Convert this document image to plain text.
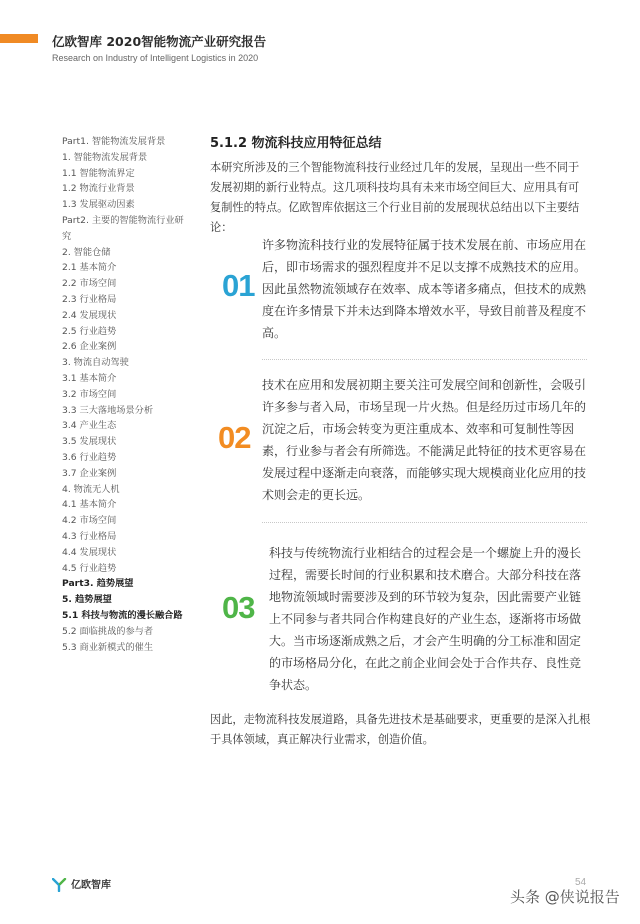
亿欧智库 2020智能物流产业研究报告
Research on Industry of Intelligent Logistics in 2020
Part1. 智能物流发展背景
1. 智能物流发展背景
1.1 智能物流界定
1.2 物流行业背景
1.3 发展驱动因素
Part2. 主要的智能物流行业研究
2. 智能仓储
2.1 基本简介
2.2 市场空间
2.3 行业格局
2.4 发展现状
2.5 行业趋势
2.6 企业案例
3. 物流自动驾驶
3.1 基本简介
3.2 市场空间
3.3 三大落地场景分析
3.4 产业生态
3.5 发展现状
3.6 行业趋势
3.7 企业案例
4. 物流无人机
4.1 基本简介
4.2 市场空间
4.3 行业格局
4.4 发展现状
4.5 行业趋势
Part3. 趋势展望
5. 趋势展望
5.1 科技与物流的漫长融合路
5.2 面临挑战的参与者
5.3 商业新模式的催生
5.1.2 物流科技应用特征总结

本研究所涉及的三个智能物流科技行业经过几年的发展，呈现出一些不同于发展初期的新行业特点。这几项科技均具有未来市场空间巨大、应用具有可复制性的特点。亿欧智库依据这三个行业目前的发展现状总结出以下主要结论：

01

许多物流科技行业的发展特征属于技术发展在前、市场应用在后，即市场需求的强烈程度并不足以支撑不成熟技术的应用。因此虽然物流领域存在效率、成本等诸多痛点，但技术的成熟度在许多情景下并未达到降本增效水平，导致目前普及程度不高。

02

技术在应用和发展初期主要关注可发展空间和创新性，会吸引许多参与者入局，市场呈现一片火热。但是经历过市场几年的沉淀之后，市场会转变为更注重成本、效率和可复制性等因素，行业参与者会有所筛选。不能满足此特征的技术更容易在发展过程中逐渐走向衰落，而能够实现大规模商业化应用的技术则会走的更长远。

03

科技与传统物流行业相结合的过程会是一个螺旋上升的漫长过程，需要长时间的行业积累和技术磨合。大部分科技在落地物流领域时需要涉及到的环节较为复杂，因此需要产业链上不同参与者共同合作构建良好的产业生态，逐渐将市场做大。当市场逐渐成熟之后，才会产生明确的分工标准和固定的市场格局分化，在此之前企业间会处于合作共存、良性竞争状态。

因此，走物流科技发展道路，具备先进技术是基础要求，更重要的是深入扎根于具体领域，真正解决行业需求，创造价值。

亿欧智库	54
头条 @侠说报告
